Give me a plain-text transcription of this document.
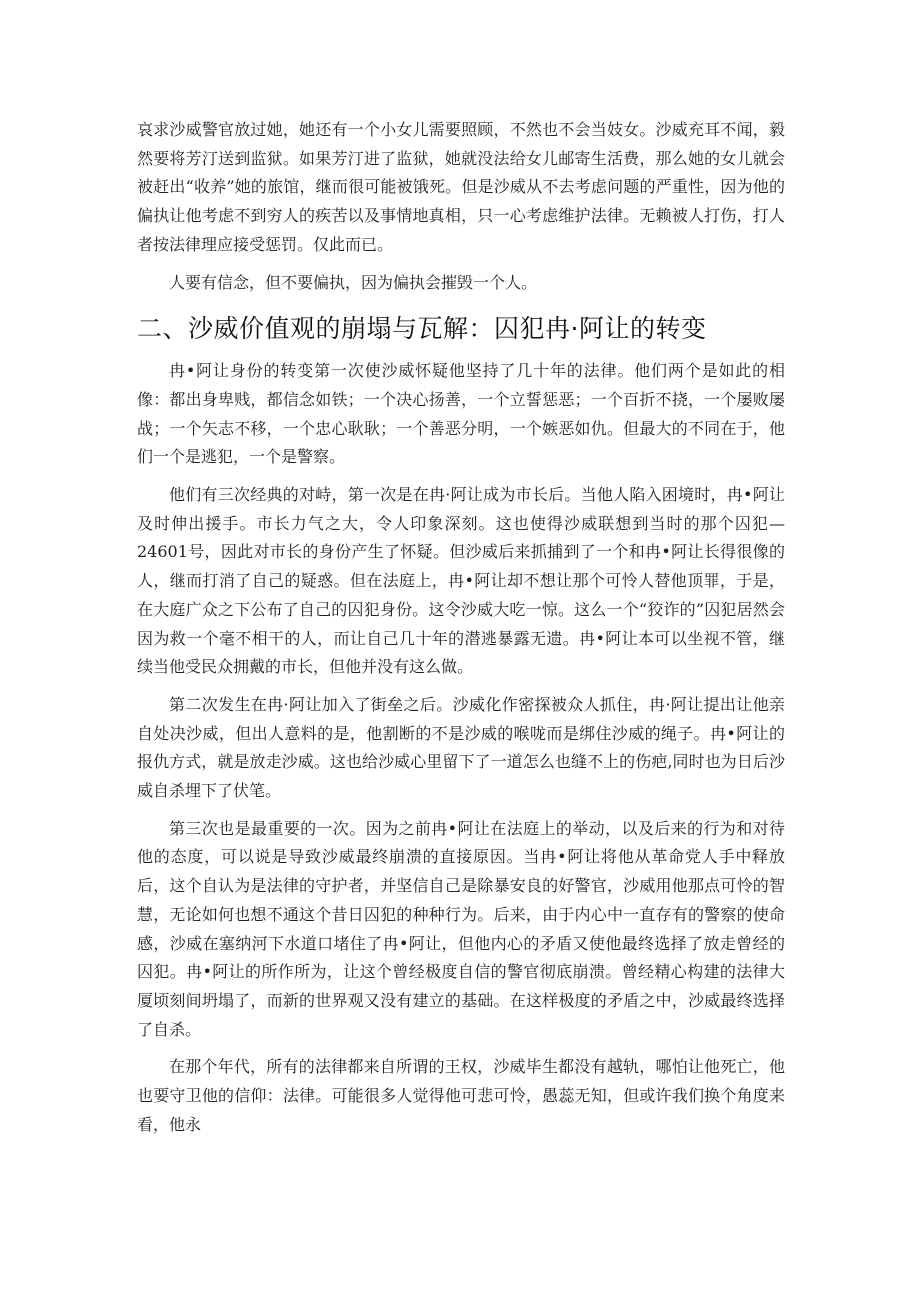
哀求沙威警官放过她，她还有一个小女儿需要照顾，不然也不会当妓女。沙威充耳不闻，毅然要将芳汀送到监狱。如果芳汀进了监狱，她就没法给女儿邮寄生活费，那么她的女儿就会被赶出“收养”她的旅馆，继而很可能被饿死。但是沙威从不去考虑问题的严重性，因为他的偏执让他考虑不到穷人的疾苦以及事情地真相，只一心考虑维护法律。无赖被人打伤，打人者按法律理应接受惩罚。仅此而已。

人要有信念，但不要偏执，因为偏执会摧毁一个人。

二、沙威价值观的崩塌与瓦解：囚犯冉·阿让的转变

冉•阿让身份的转变第一次使沙威怀疑他坚持了几十年的法律。他们两个是如此的相像：都出身卑贱，都信念如铁；一个决心扬善，一个立誓惩恶；一个百折不挠，一个屡败屡战；一个矢志不移，一个忠心耿耿；一个善恶分明，一个嫉恶如仇。但最大的不同在于，他们一个是逃犯，一个是警察。

他们有三次经典的对峙，第一次是在冉·阿让成为市长后。当他人陷入困境时，冉•阿让及时伸出援手。市长力气之大，令人印象深刻。这也使得沙威联想到当时的那个囚犯—24601号，因此对市长的身份产生了怀疑。但沙威后来抓捕到了一个和冉•阿让长得很像的人，继而打消了自己的疑惑。但在法庭上，冉•阿让却不想让那个可怜人替他顶罪，于是，在大庭广众之下公布了自己的囚犯身份。这令沙威大吃一惊。这么一个“狡诈的”囚犯居然会因为救一个毫不相干的人，而让自己几十年的潜逃暴露无遗。冉•阿让本可以坐视不管，继续当他受民众拥戴的市长，但他并没有这么做。

第二次发生在冉·阿让加入了街垒之后。沙威化作密探被众人抓住，冉·阿让提出让他亲自处决沙威，但出人意料的是，他割断的不是沙威的喉咙而是绑住沙威的绳子。冉•阿让的报仇方式，就是放走沙威。这也给沙威心里留下了一道怎么也缝不上的伤疤,同时也为日后沙威自杀埋下了伏笔。

第三次也是最重要的一次。因为之前冉•阿让在法庭上的举动，以及后来的行为和对待他的态度，可以说是导致沙威最终崩溃的直接原因。当冉•阿让将他从革命党人手中释放后，这个自认为是法律的守护者，并坚信自己是除暴安良的好警官，沙威用他那点可怜的智慧，无论如何也想不通这个昔日囚犯的种种行为。后来，由于内心中一直存有的警察的使命感，沙威在塞纳河下水道口堵住了冉•阿让，但他内心的矛盾又使他最终选择了放走曾经的囚犯。冉•阿让的所作所为，让这个曾经极度自信的警官彻底崩溃。曾经精心构建的法律大厦顷刻间坍塌了，而新的世界观又没有建立的基础。在这样极度的矛盾之中，沙威最终选择了自杀。

在那个年代，所有的法律都来自所谓的王权，沙威毕生都没有越轨，哪怕让他死亡，他也要守卫他的信仰：法律。可能很多人觉得他可悲可怜，愚蕊无知，但或许我们换个角度来看，他永
